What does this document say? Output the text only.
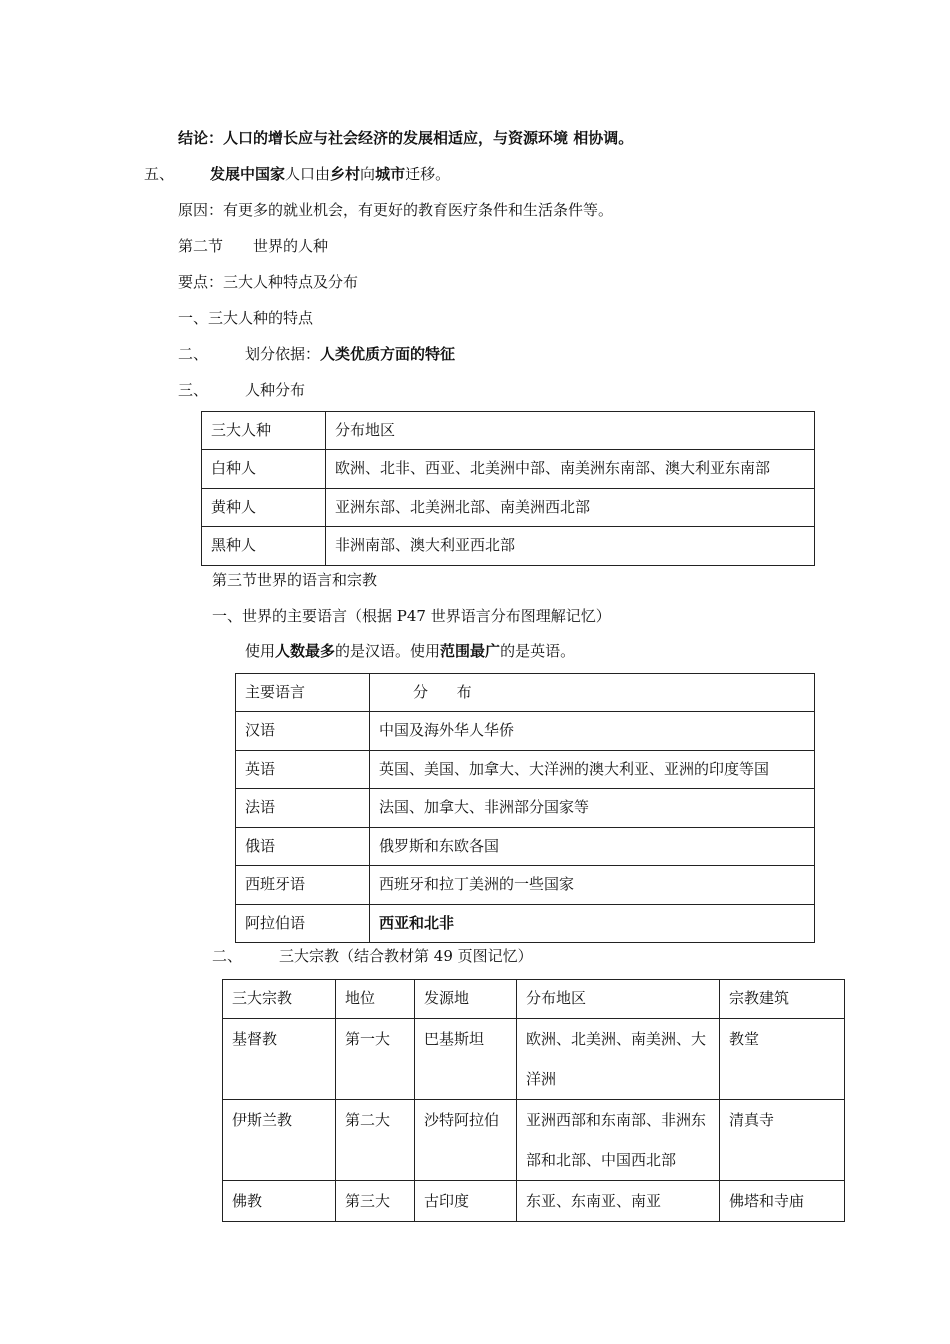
结论：人口的增长应与社会经济的发展相适应，与资源环境 相协调。
五、 发展中国家人口由乡村向城市迁移。
原因：有更多的就业机会，有更好的教育医疗条件和生活条件等。
第二节 世界的人种
要点：三大人种特点及分布
一、三大人种的特点
二、 划分依据：人类优质方面的特征
三、 人种分布
三大人种	分布地区
白种人	欧洲、北非、西亚、北美洲中部、南美洲东南部、澳大利亚东南部
黄种人	亚洲东部、北美洲北部、南美洲西北部
黑种人	非洲南部、澳大利亚西北部
第三节世界的语言和宗教
一、世界的主要语言（根据 P47 世界语言分布图理解记忆）
使用人数最多的是汉语。使用范围最广的是英语。
主要语言	分      布
汉语	中国及海外华人华侨
英语	英国、美国、加拿大、大洋洲的澳大利亚、亚洲的印度等国
法语	法国、加拿大、非洲部分国家等
俄语	俄罗斯和东欧各国
西班牙语	西班牙和拉丁美洲的一些国家
阿拉伯语	西亚和北非
二、 三大宗教（结合教材第 49 页图记忆）
三大宗教	地位	发源地	分布地区	宗教建筑
基督教	第一大	巴基斯坦	欧洲、北美洲、南美洲、大洋洲	教堂
伊斯兰教	第二大	沙特阿拉伯	亚洲西部和东南部、非洲东部和北部、中国西北部	清真寺
佛教	第三大	古印度	东亚、东南亚、南亚	佛塔和寺庙
